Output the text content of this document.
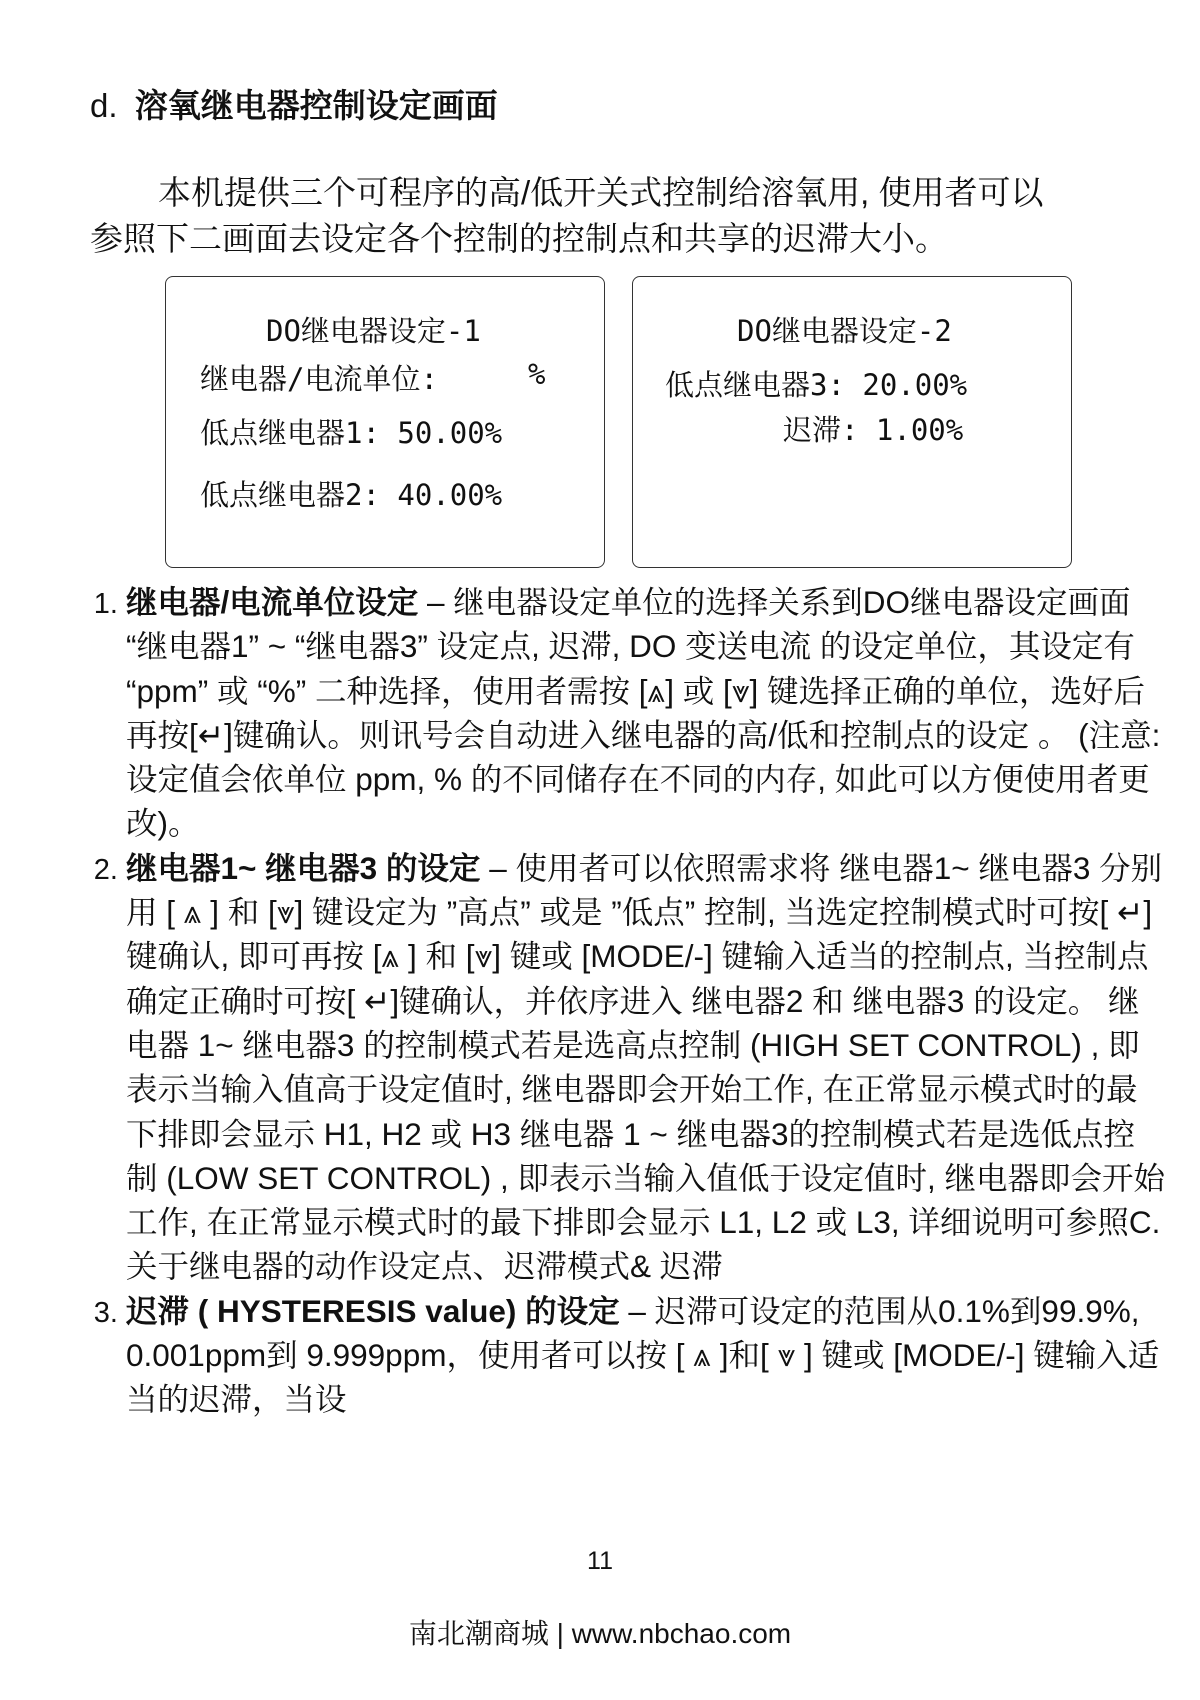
d. 溶氧继电器控制设定画面

本机提供三个可程序的高/低开关式控制给溶氧用, 使用者可以

参照下二画面去设定各个控制的控制点和共享的迟滞大小。

DO继电器设定-1
继电器/电流单位:	%
低点继电器1: 50.00%
低点继电器2: 40.00%
DO继电器设定-2
低点继电器3: 20.00%
迟滞: 1.00%
1. 继电器/电流单位设定 – 继电器设定单位的选择关系到DO继电器设定画面 “继电器1” ~ “继电器3” 设定点, 迟滞, DO 变送电流 的设定单位，其设定有 “ppm” 或 “%” 二种选择，使用者需按 [⩓] 或 [⩔] 键选择正确的单位，选好后再按[↵]键确认。则讯号会自动进入继电器的高/低和控制点的设定 。 (注意:设定值会依单位 ppm, % 的不同储存在不同的内存, 如此可以方便使用者更改)。
2. 继电器1~ 继电器3 的设定 – 使用者可以依照需求将 继电器1~ 继电器3 分别用 [ ⩓ ] 和 [⩔] 键设定为 ”高点” 或是 ”低点” 控制, 当选定控制模式时可按[ ↵]键确认, 即可再按 [⩓ ] 和 [⩔] 键或 [MODE/-] 键输入适当的控制点, 当控制点确定正确时可按[ ↵]键确认，并依序进入 继电器2 和 继电器3 的设定。 继电器 1~ 继电器3 的控制模式若是选高点控制 (HIGH SET CONTROL) , 即表示当输入值高于设定值时, 继电器即会开始工作, 在正常显示模式时的最下排即会显示 H1, H2 或 H3 继电器 1 ~ 继电器3的控制模式若是选低点控制 (LOW SET CONTROL) , 即表示当输入值低于设定值时, 继电器即会开始工作, 在正常显示模式时的最下排即会显示 L1, L2 或 L3, 详细说明可参照C. 关于继电器的动作设定点、迟滞模式& 迟滞
3. 迟滞 ( HYSTERESIS value) 的设定 – 迟滞可设定的范围从0.1%到99.9%, 0.001ppm到 9.999ppm，使用者可以按 [ ⩓ ]和[ ⩔ ] 键或 [MODE/-] 键输入适当的迟滞，当设
11
南北潮商城 | www.nbchao.com
